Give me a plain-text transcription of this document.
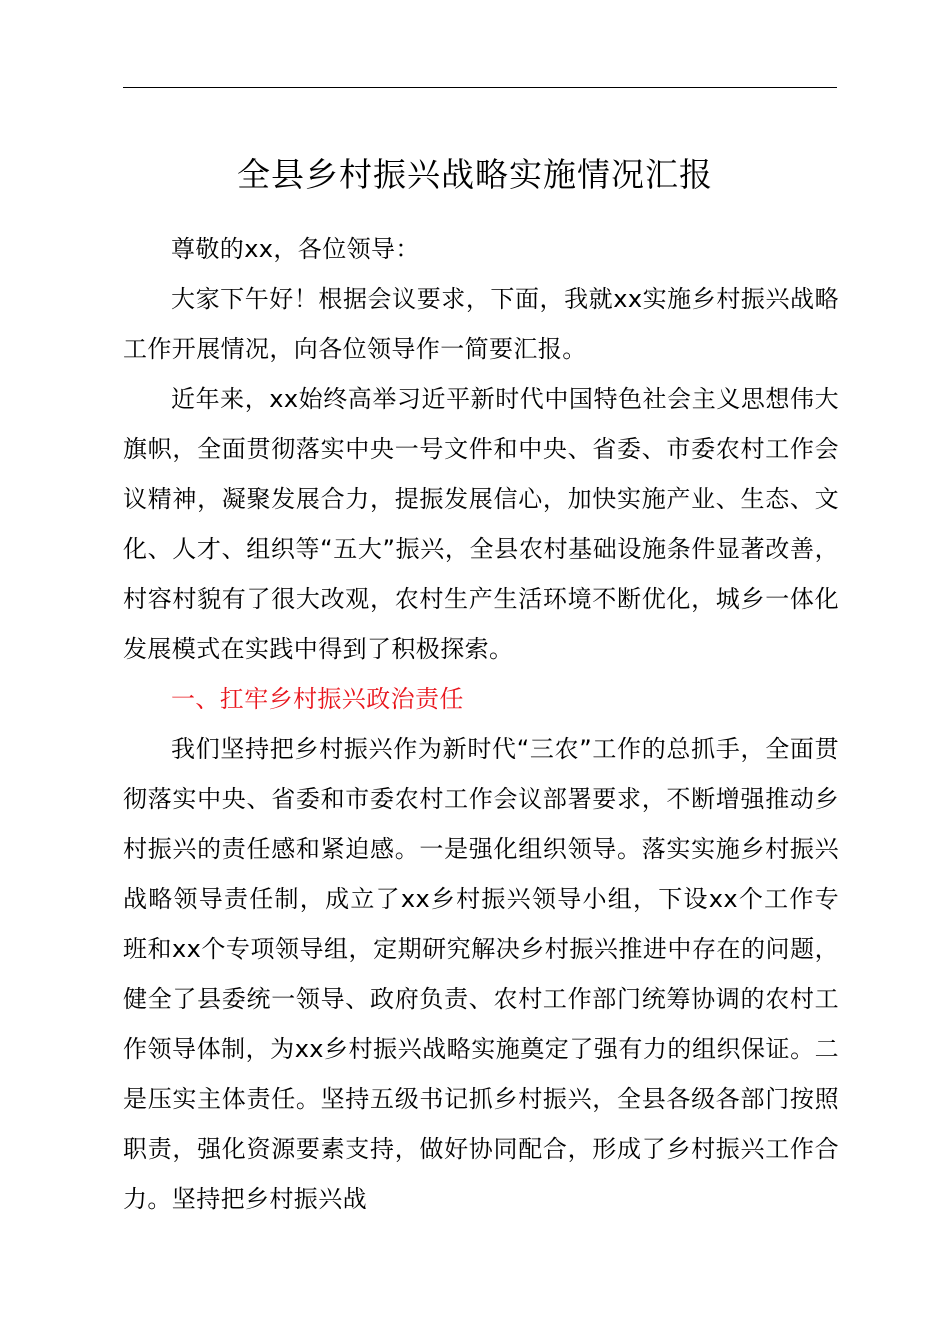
全县乡村振兴战略实施情况汇报

尊敬的xx，各位领导：

大家下午好！根据会议要求，下面，我就xx实施乡村振兴战略工作开展情况，向各位领导作一简要汇报。

近年来，xx始终高举习近平新时代中国特色社会主义思想伟大旗帜，全面贯彻落实中央一号文件和中央、省委、市委农村工作会议精神，凝聚发展合力，提振发展信心，加快实施产业、生态、文化、人才、组织等“五大”振兴，全县农村基础设施条件显著改善，村容村貌有了很大改观，农村生产生活环境不断优化，城乡一体化发展模式在实践中得到了积极探索。

一、扛牢乡村振兴政治责任

我们坚持把乡村振兴作为新时代“三农”工作的总抓手，全面贯彻落实中央、省委和市委农村工作会议部署要求，不断增强推动乡村振兴的责任感和紧迫感。一是强化组织领导。落实实施乡村振兴战略领导责任制，成立了xx乡村振兴领导小组，下设xx个工作专班和xx个专项领导组，定期研究解决乡村振兴推进中存在的问题，健全了县委统一领导、政府负责、农村工作部门统筹协调的农村工作领导体制，为xx乡村振兴战略实施奠定了强有力的组织保证。二是压实主体责任。坚持五级书记抓乡村振兴，全县各级各部门按照职责，强化资源要素支持，做好协同配合，形成了乡村振兴工作合力。坚持把乡村振兴战
